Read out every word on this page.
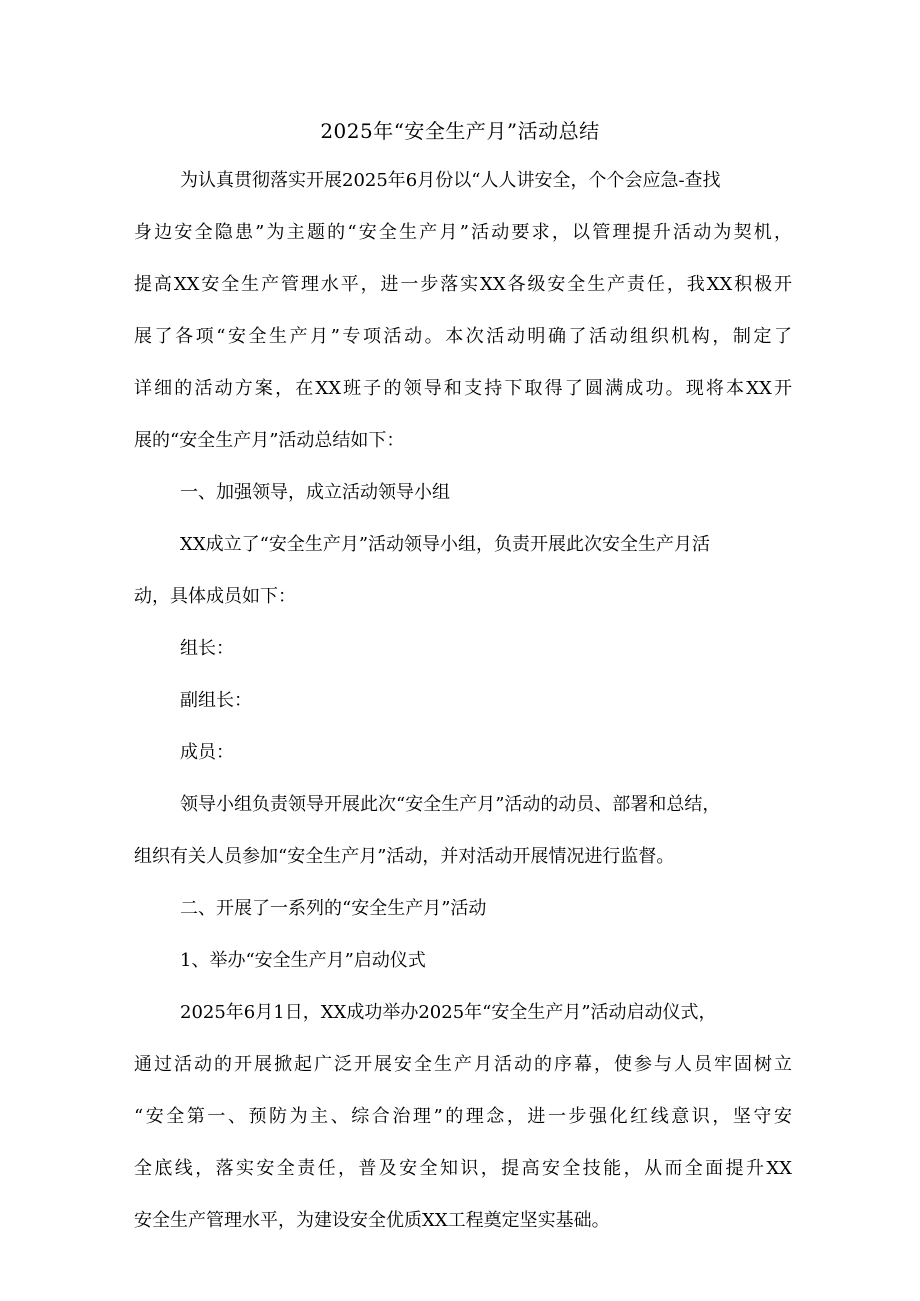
2025年“安全生产月”活动总结
为认真贯彻落实开展2025年6月份以“人人讲安全，个个会应急-查找
身边安全隐患”为主题的“安全生产月”活动要求，以管理提升活动为契机，
提高XX安全生产管理水平，进一步落实XX各级安全生产责任，我XX积极开
展了各项“安全生产月”专项活动。本次活动明确了活动组织机构，制定了
详细的活动方案，在XX班子的领导和支持下取得了圆满成功。现将本XX开
展的“安全生产月”活动总结如下：
一、加强领导，成立活动领导小组
XX成立了“安全生产月”活动领导小组，负责开展此次安全生产月活
动，具体成员如下：
组长：
副组长：
成员：
领导小组负责领导开展此次“安全生产月”活动的动员、部署和总结，
组织有关人员参加“安全生产月”活动，并对活动开展情况进行监督。
二、开展了一系列的“安全生产月”活动
1、举办“安全生产月”启动仪式
2025年6月1日，XX成功举办2025年“安全生产月”活动启动仪式，
通过活动的开展掀起广泛开展安全生产月活动的序幕，使参与人员牢固树立
“安全第一、预防为主、综合治理”的理念，进一步强化红线意识，坚守安
全底线，落实安全责任，普及安全知识，提高安全技能，从而全面提升XX
安全生产管理水平，为建设安全优质XX工程奠定坚实基础。
